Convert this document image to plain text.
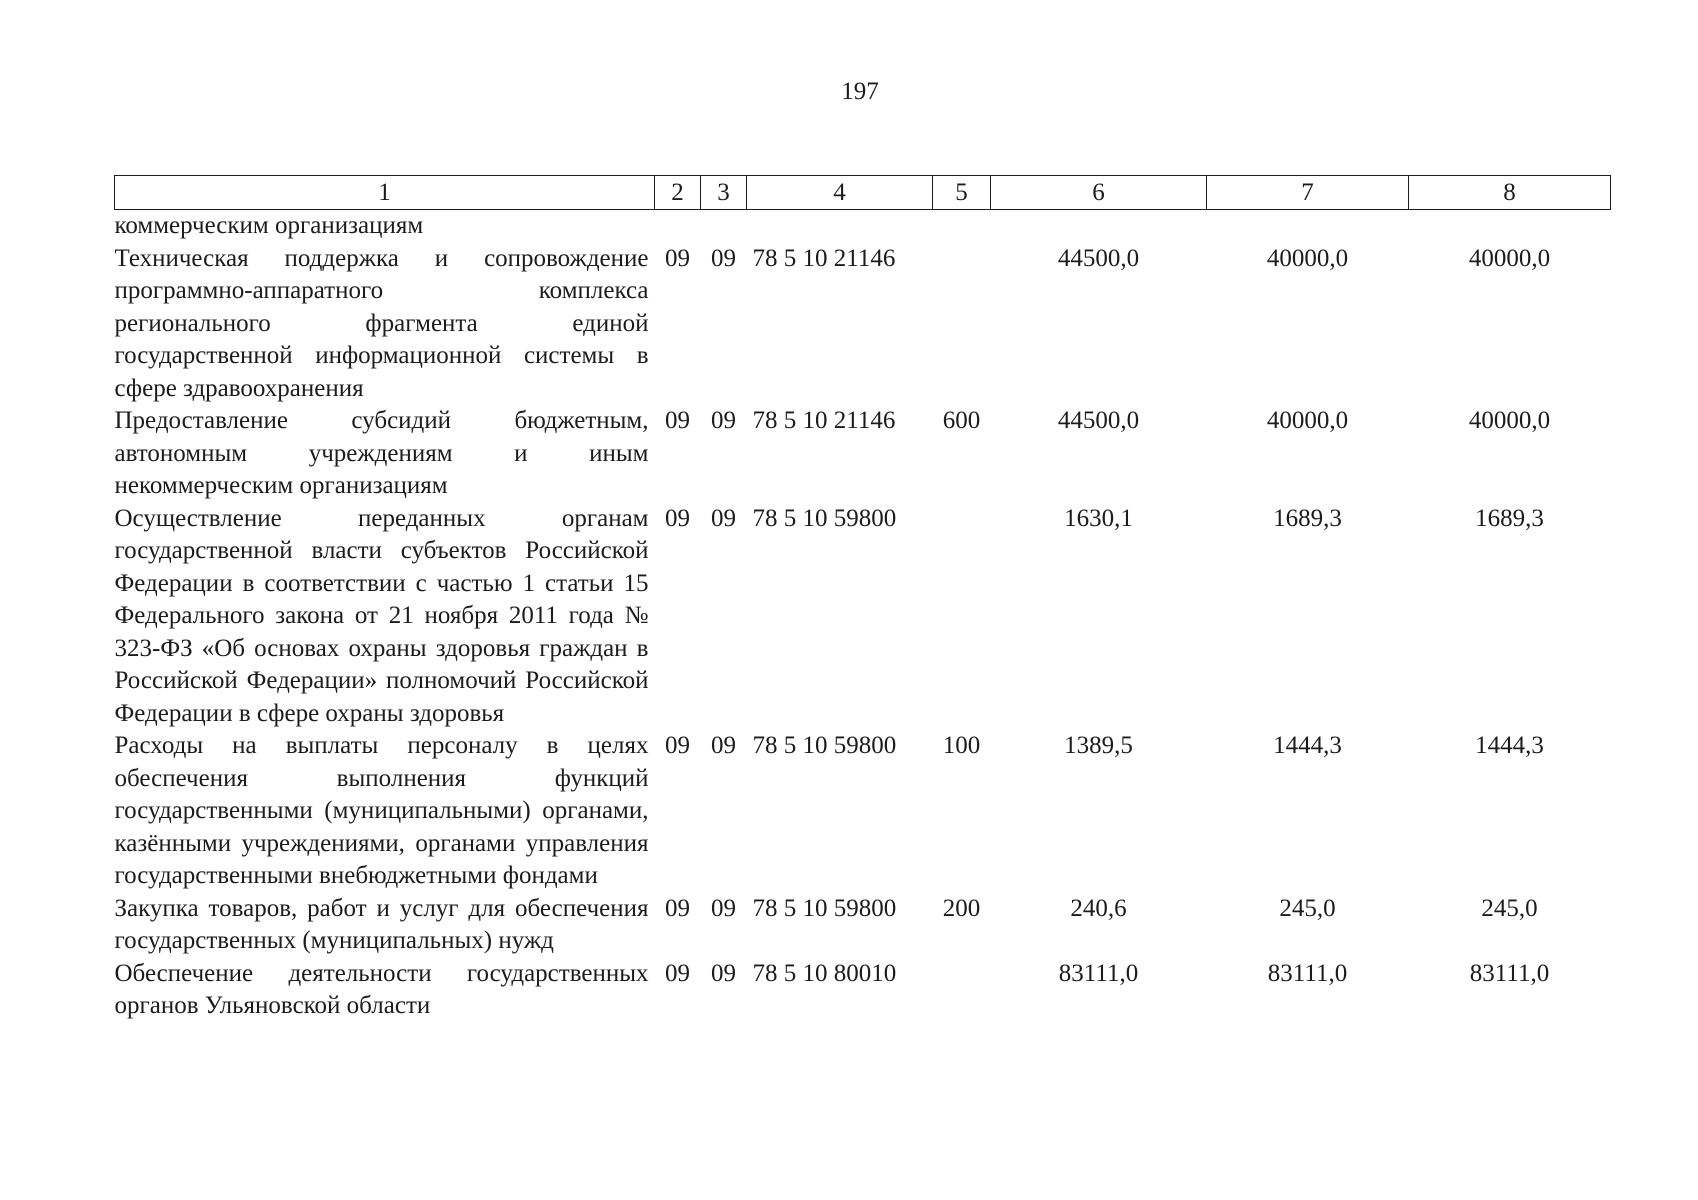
197
1	2	3	4	5	6	7	8
коммерческим организациям							
Техническая поддержка и сопровождение программно-аппаратного комплекса регионального фрагмента единой государственной информационной системы в сфере здравоохранения	09	09	78 5 10 21146		44500,0	40000,0	40000,0
Предоставление субсидий бюджетным, автономным учреждениям и иным некоммерческим организациям	09	09	78 5 10 21146	600	44500,0	40000,0	40000,0
Осуществление переданных органам государственной власти субъектов Российской Федерации в соответствии с частью 1 статьи 15 Федерального закона от 21 ноября 2011 года № 323-ФЗ «Об основах охраны здоровья граждан в Российской Федерации» полномочий Российской Федерации в сфере охраны здоровья	09	09	78 5 10 59800		1630,1	1689,3	1689,3
Расходы на выплаты персоналу в целях обеспечения выполнения функций государственными (муниципальными) органами, казёнными учреждениями, органами управления государственными внебюджетными фондами	09	09	78 5 10 59800	100	1389,5	1444,3	1444,3
Закупка товаров, работ и услуг для обеспечения государственных (муниципальных) нужд	09	09	78 5 10 59800	200	240,6	245,0	245,0
Обеспечение деятельности государственных органов Ульяновской области	09	09	78 5 10 80010		83111,0	83111,0	83111,0
